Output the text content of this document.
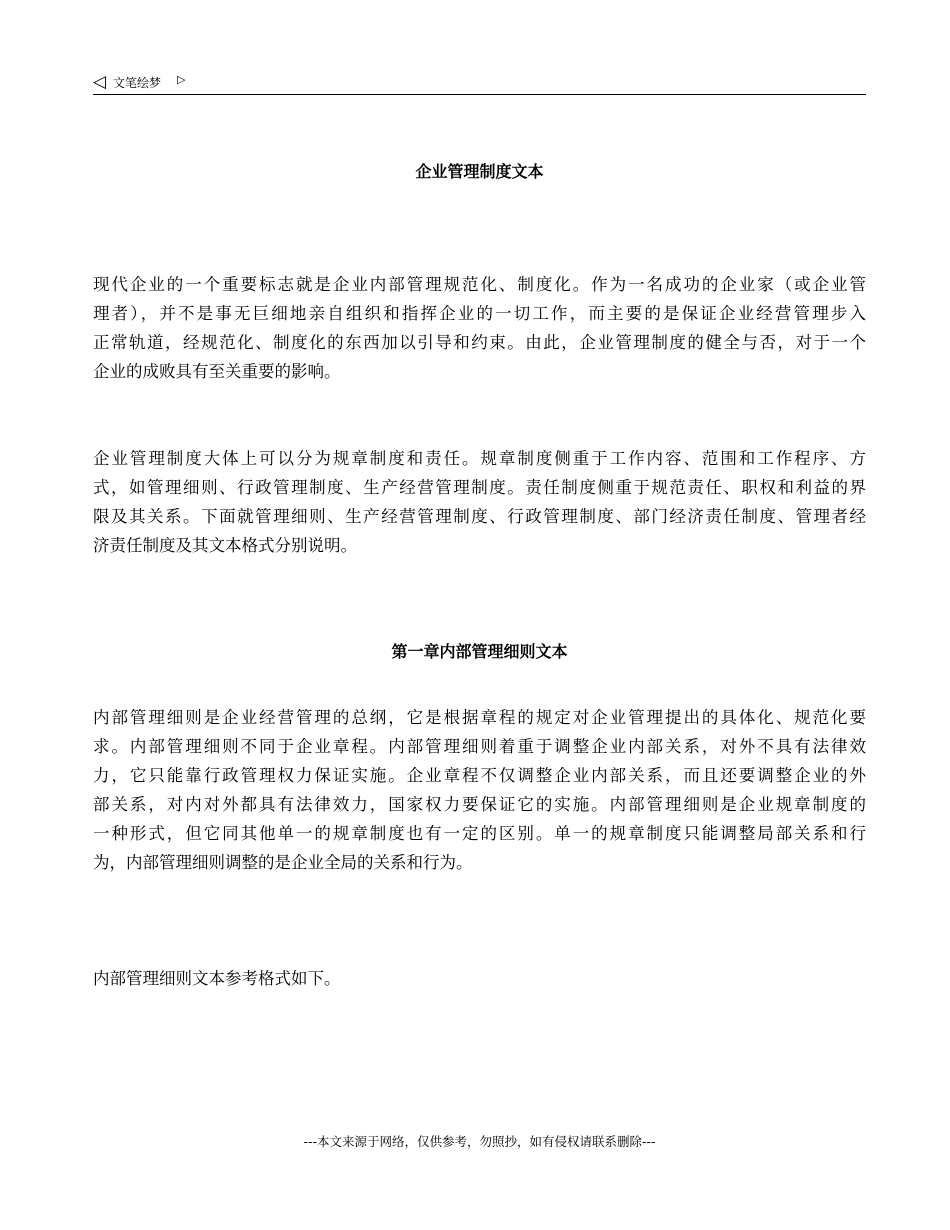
◁ 文笔绘梦 ▷
企业管理制度文本
现代企业的一个重要标志就是企业内部管理规范化、制度化。作为一名成功的企业家（或企业管
理者），并不是事无巨细地亲自组织和指挥企业的一切工作，而主要的是保证企业经营管理步入
正常轨道，经规范化、制度化的东西加以引导和约束。由此，企业管理制度的健全与否，对于一个
企业的成败具有至关重要的影响。
企业管理制度大体上可以分为规章制度和责任。规章制度侧重于工作内容、范围和工作程序、方
式，如管理细则、行政管理制度、生产经营管理制度。责任制度侧重于规范责任、职权和利益的界
限及其关系。下面就管理细则、生产经营管理制度、行政管理制度、部门经济责任制度、管理者经
济责任制度及其文本格式分别说明。
第一章内部管理细则文本
内部管理细则是企业经营管理的总纲，它是根据章程的规定对企业管理提出的具体化、规范化要
求。内部管理细则不同于企业章程。内部管理细则着重于调整企业内部关系，对外不具有法律效
力，它只能靠行政管理权力保证实施。企业章程不仅调整企业内部关系，而且还要调整企业的外
部关系，对内对外都具有法律效力，国家权力要保证它的实施。内部管理细则是企业规章制度的
一种形式，但它同其他单一的规章制度也有一定的区别。单一的规章制度只能调整局部关系和行
为，内部管理细则调整的是企业全局的关系和行为。
内部管理细则文本参考格式如下。
---本文来源于网络，仅供参考，勿照抄，如有侵权请联系删除---
